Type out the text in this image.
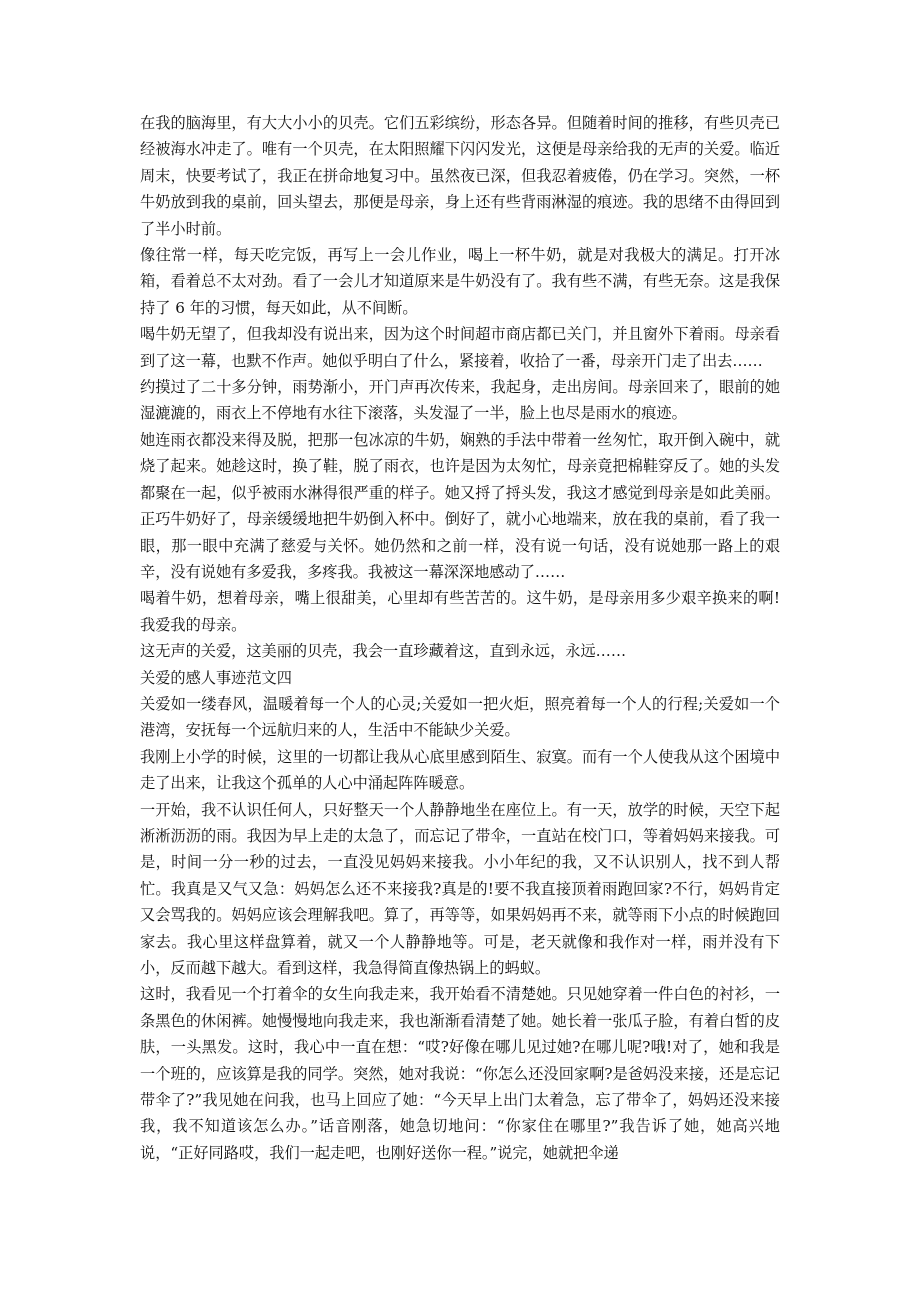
在我的脑海里，有大大小小的贝壳。它们五彩缤纷，形态各异。但随着时间的推移，有些贝壳已经被海水冲走了。唯有一个贝壳，在太阳照耀下闪闪发光，这便是母亲给我的无声的关爱。临近周末，快要考试了，我正在拼命地复习中。虽然夜已深，但我忍着疲倦，仍在学习。突然，一杯牛奶放到我的桌前，回头望去，那便是母亲，身上还有些背雨淋湿的痕迹。我的思绪不由得回到了半小时前。

像往常一样，每天吃完饭，再写上一会儿作业，喝上一杯牛奶，就是对我极大的满足。打开冰箱，看着总不太对劲。看了一会儿才知道原来是牛奶没有了。我有些不满，有些无奈。这是我保持了 6 年的习惯，每天如此，从不间断。

喝牛奶无望了，但我却没有说出来，因为这个时间超市商店都已关门，并且窗外下着雨。母亲看到了这一幕，也默不作声。她似乎明白了什么，紧接着，收拾了一番，母亲开门走了出去……

约摸过了二十多分钟，雨势渐小，开门声再次传来，我起身，走出房间。母亲回来了，眼前的她湿漉漉的，雨衣上不停地有水往下滚落，头发湿了一半，脸上也尽是雨水的痕迹。

她连雨衣都没来得及脱，把那一包冰凉的牛奶，娴熟的手法中带着一丝匆忙，取开倒入碗中，就烧了起来。她趁这时，换了鞋，脱了雨衣，也许是因为太匆忙，母亲竟把棉鞋穿反了。她的头发都聚在一起，似乎被雨水淋得很严重的样子。她又捋了捋头发，我这才感觉到母亲是如此美丽。正巧牛奶好了，母亲缓缓地把牛奶倒入杯中。倒好了，就小心地端来，放在我的桌前，看了我一眼，那一眼中充满了慈爱与关怀。她仍然和之前一样，没有说一句话，没有说她那一路上的艰辛，没有说她有多爱我，多疼我。我被这一幕深深地感动了……

喝着牛奶，想着母亲，嘴上很甜美，心里却有些苦苦的。这牛奶，是母亲用多少艰辛换来的啊!我爱我的母亲。

这无声的关爱，这美丽的贝壳，我会一直珍藏着这，直到永远，永远……

关爱的感人事迹范文四

关爱如一缕春风，温暖着每一个人的心灵;关爱如一把火炬，照亮着每一个人的行程;关爱如一个港湾，安抚每一个远航归来的人，生活中不能缺少关爱。

我刚上小学的时候，这里的一切都让我从心底里感到陌生、寂寞。而有一个人使我从这个困境中走了出来，让我这个孤单的人心中涌起阵阵暖意。

一开始，我不认识任何人，只好整天一个人静静地坐在座位上。有一天，放学的时候，天空下起淅淅沥沥的雨。我因为早上走的太急了，而忘记了带伞，一直站在校门口，等着妈妈来接我。可是，时间一分一秒的过去，一直没见妈妈来接我。小小年纪的我，又不认识别人，找不到人帮忙。我真是又气又急：妈妈怎么还不来接我?真是的!要不我直接顶着雨跑回家?不行，妈妈肯定又会骂我的。妈妈应该会理解我吧。算了，再等等，如果妈妈再不来，就等雨下小点的时候跑回家去。我心里这样盘算着，就又一个人静静地等。可是，老天就像和我作对一样，雨并没有下小，反而越下越大。看到这样，我急得简直像热锅上的蚂蚁。

这时，我看见一个打着伞的女生向我走来，我开始看不清楚她。只见她穿着一件白色的衬衫，一条黑色的休闲裤。她慢慢地向我走来，我也渐渐看清楚了她。她长着一张瓜子脸，有着白皙的皮肤，一头黑发。这时，我心中一直在想：“哎?好像在哪儿见过她?在哪儿呢?哦!对了，她和我是一个班的，应该算是我的同学。突然，她对我说：“你怎么还没回家啊?是爸妈没来接，还是忘记带伞了?”我见她在问我，也马上回应了她：“今天早上出门太着急，忘了带伞了，妈妈还没来接我，我不知道该怎么办。”话音刚落，她急切地问：“你家住在哪里?”我告诉了她，她高兴地说，“正好同路哎，我们一起走吧，也刚好送你一程。”说完，她就把伞递
